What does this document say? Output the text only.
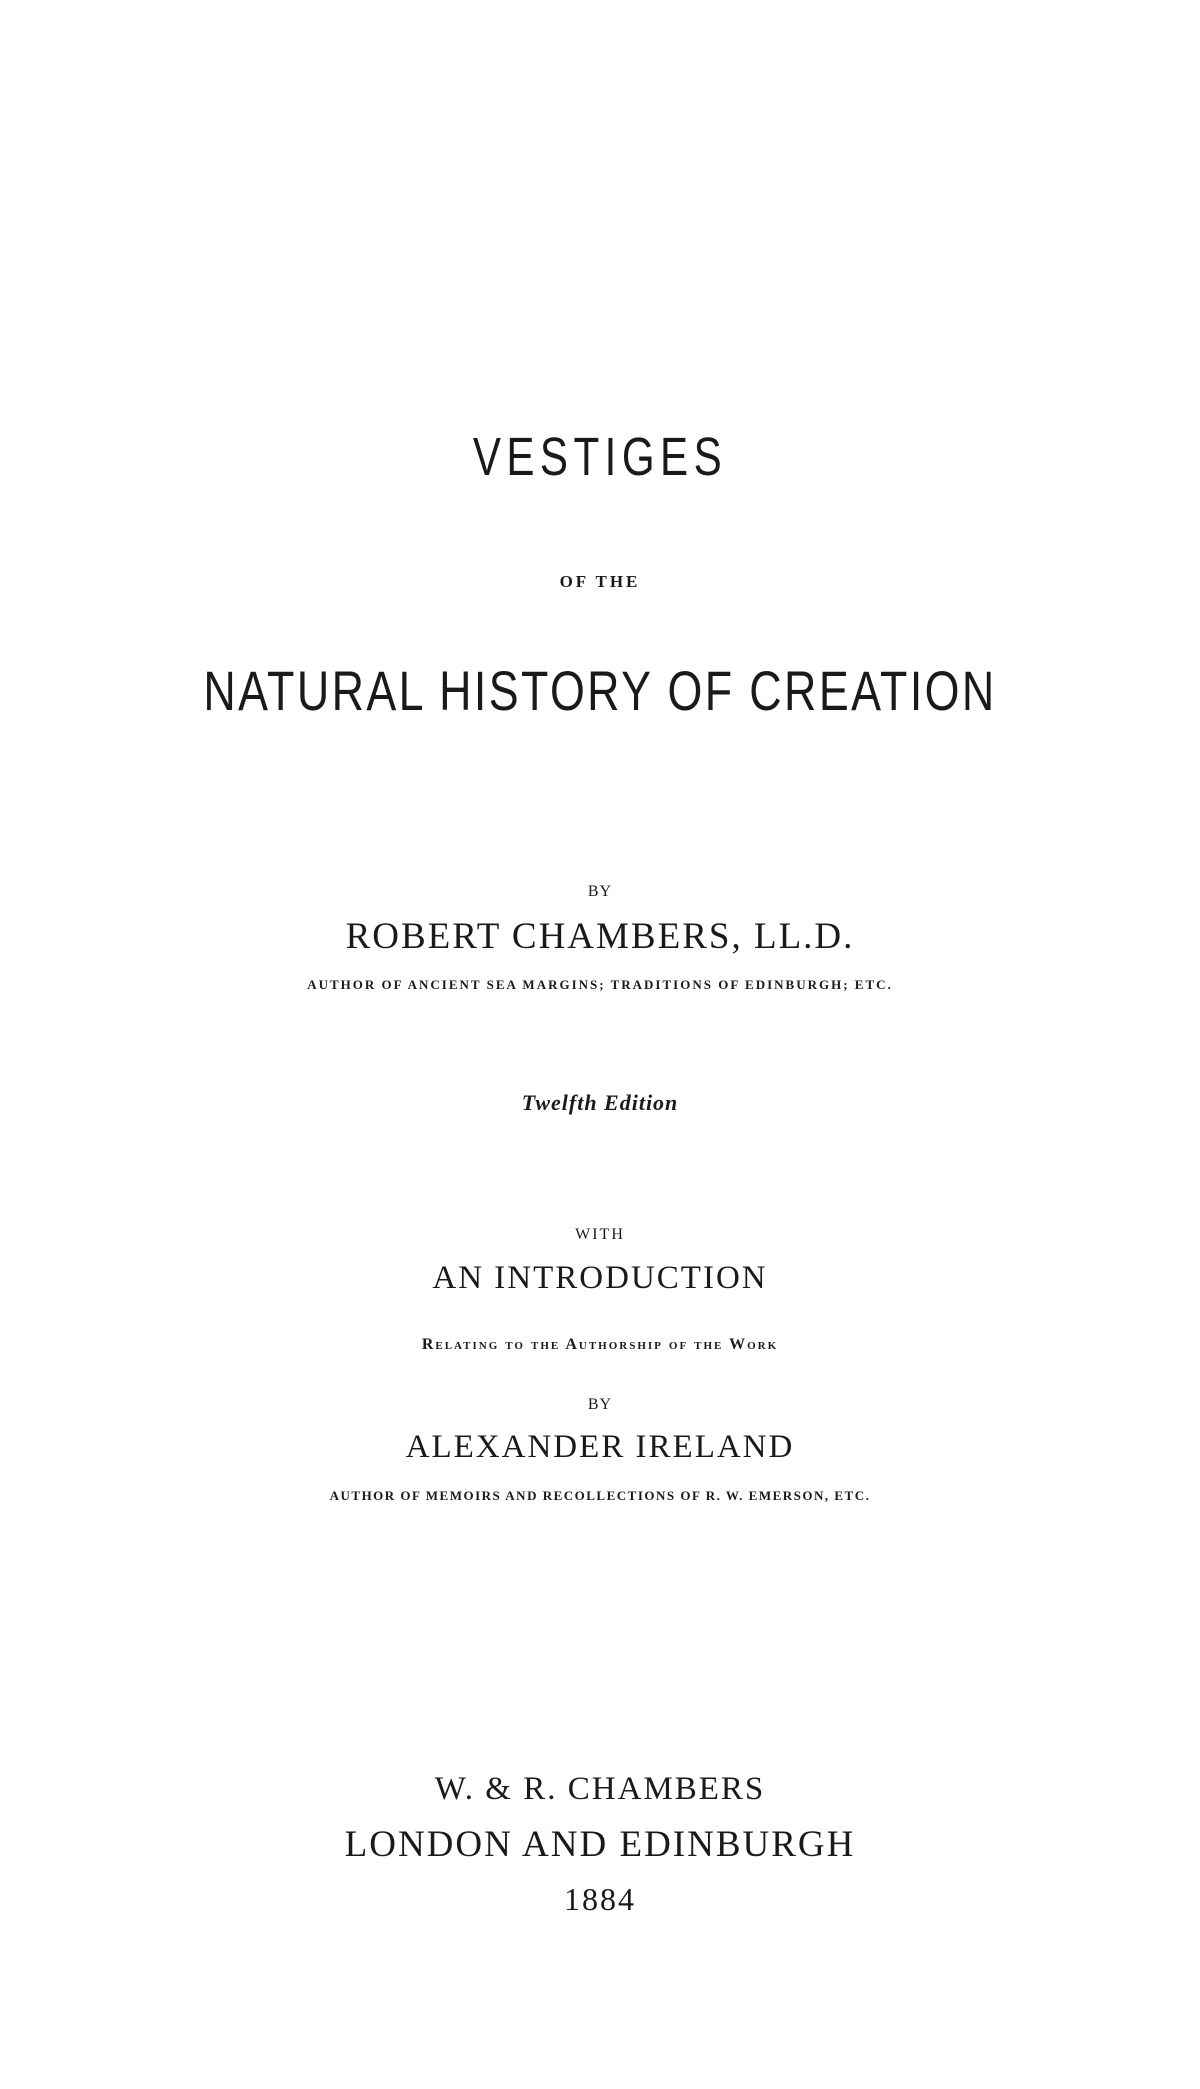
VESTIGES
OF THE
NATURAL HISTORY OF CREATION
BY
ROBERT CHAMBERS, LL.D.
AUTHOR OF ANCIENT SEA MARGINS; TRADITIONS OF EDINBURGH; ETC.
Twelfth Edition
WITH
AN INTRODUCTION
Relating to the Authorship of the Work
BY
ALEXANDER IRELAND
AUTHOR OF MEMOIRS AND RECOLLECTIONS OF R. W. EMERSON, ETC.
W. & R. CHAMBERS
LONDON AND EDINBURGH
1884
